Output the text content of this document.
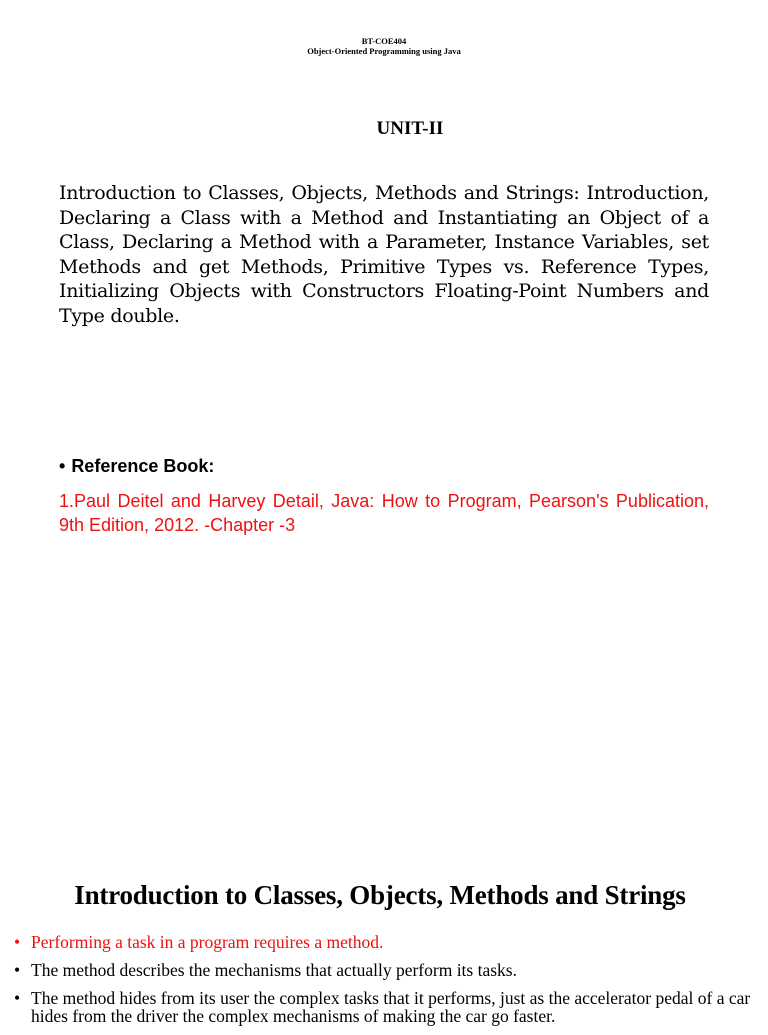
BT-COE404
Object-Oriented Programming using Java
UNIT-II
Introduction to Classes, Objects, Methods and Strings: Introduction, Declaring a Class with a Method and Instantiating an Object of a Class, Declaring a Method with a Parameter, Instance Variables, set Methods and get Methods, Primitive Types vs. Reference Types, Initializing Objects with Constructors Floating-Point Numbers and Type double.
• Reference Book:
1.Paul Deitel and Harvey Detail, Java: How to Program, Pearson's Publication, 9th Edition, 2012. -Chapter -3
Introduction to Classes, Objects, Methods and Strings
• Performing a task in a program requires a method.
• The method describes the mechanisms that actually perform its tasks.
• The method hides from its user the complex tasks that it performs, just as the accelerator pedal of a car hides from the driver the complex mechanisms of making the car go faster.
